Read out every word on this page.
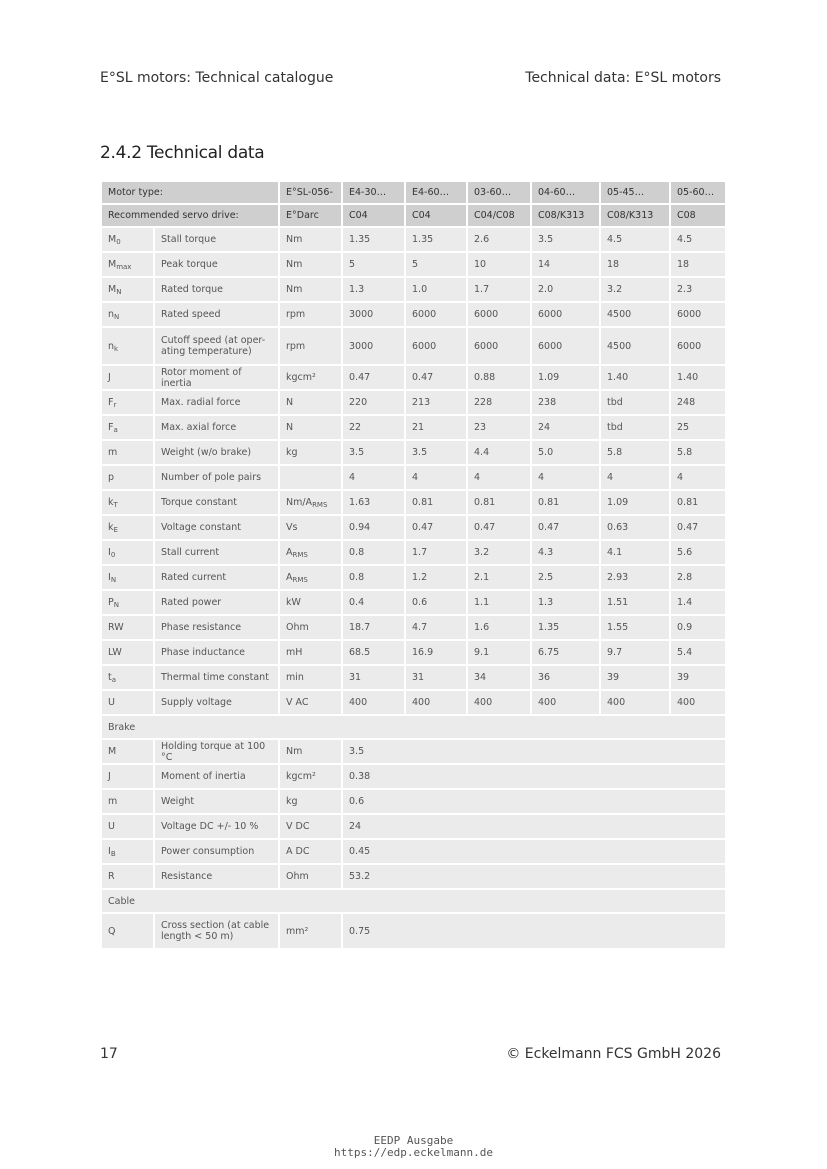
E°SL motors: Technical catalogue	Technical data: E°SL motors
2.4.2 Technical data
Motor type:		E°SL-056-	E4-30…	E4-60…	03-60…	04-60…	05-45…	05-60…
Recommended servo drive:		E°Darc	C04	C04	C04/C08	C08/K313	C08/K313	C08
$M_0$	Stall torque	Nm	1.35	1.35	2.6	3.5	4.5	4.5
$M_{max}$	Peak torque	Nm	5	5	10	14	18	18
$M_N$	Rated torque	Nm	1.3	1.0	1.7	2.0	3.2	2.3
$n_N$	Rated speed	rpm	3000	6000	6000	6000	4500	6000
$n_k$	Cutoff speed (at oper-ating temperature)	rpm	3000	6000	6000	6000	4500	6000
J	Rotor moment of inertia	kgcm²	0.47	0.47	0.88	1.09	1.40	1.40
$F_r$	Max. radial force	N	220	213	228	238	tbd	248
$F_a$	Max. axial force	N	22	21	23	24	tbd	25
m	Weight (w/o brake)	kg	3.5	3.5	4.4	5.0	5.8	5.8
p	Number of pole pairs		4	4	4	4	4	4
$k_T$	Torque constant	$Nm/A_{RMS}$	1.63	0.81	0.81	0.81	1.09	0.81
$k_E$	Voltage constant	Vs	0.94	0.47	0.47	0.47	0.63	0.47
$I_0$	Stall current	$A_{RMS}$	0.8	1.7	3.2	4.3	4.1	5.6
$I_N$	Rated current	$A_{RMS}$	0.8	1.2	2.1	2.5	2.93	2.8
$P_N$	Rated power	kW	0.4	0.6	1.1	1.3	1.51	1.4
RW	Phase resistance	Ohm	18.7	4.7	1.6	1.35	1.55	0.9
LW	Phase inductance	mH	68.5	16.9	9.1	6.75	9.7	5.4
$t_a$	Thermal time constant	min	31	31	34	36	39	39
U	Supply voltage	V AC	400	400	400	400	400	400
Brake								
M	Holding torque at 100 °C	Nm	3.5					
J	Moment of inertia	kgcm²	0.38					
m	Weight	kg	0.6					
U	Voltage DC +/- 10 %	V DC	24					
$I_B$	Power consumption	A DC	0.45					
R	Resistance	Ohm	53.2					
Cable								
Q	Cross section (at cable length < 50 m)	mm²	0.75					
17	© Eckelmann FCS GmbH 2026
EEDP Ausgabe
https://edp.eckelmann.de
